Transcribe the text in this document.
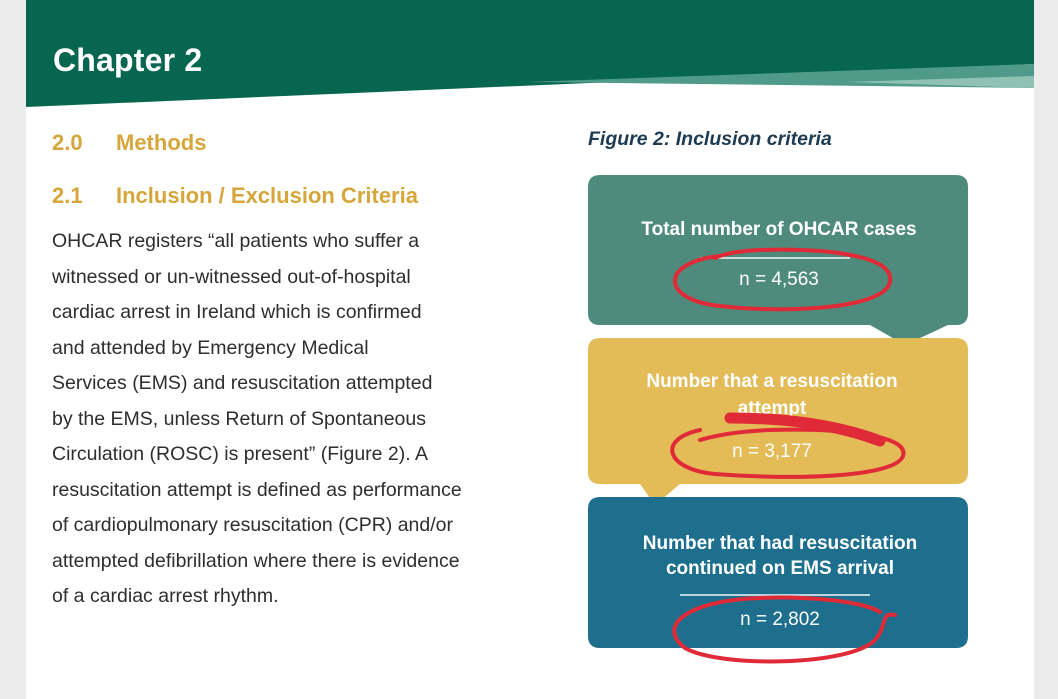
Chapter 2
2.0 Methods
2.1 Inclusion / Exclusion Criteria
OHCAR registers “all patients who suffer a
witnessed or un-witnessed out-of-hospital
cardiac arrest in Ireland which is confirmed
and attended by Emergency Medical
Services (EMS) and resuscitation attempted
by the EMS, unless Return of Spontaneous
Circulation (ROSC) is present” (Figure 2). A
resuscitation attempt is defined as performance
of cardiopulmonary resuscitation (CPR) and/or
attempted defibrillation where there is evidence
of a cardiac arrest rhythm.

Figure 2: Inclusion criteria

Total number of OHCAR cases
n = 4,563
Number that a resuscitation
attempt
n = 3,177
Number that had resuscitation
continued on EMS arrival
n = 2,802
